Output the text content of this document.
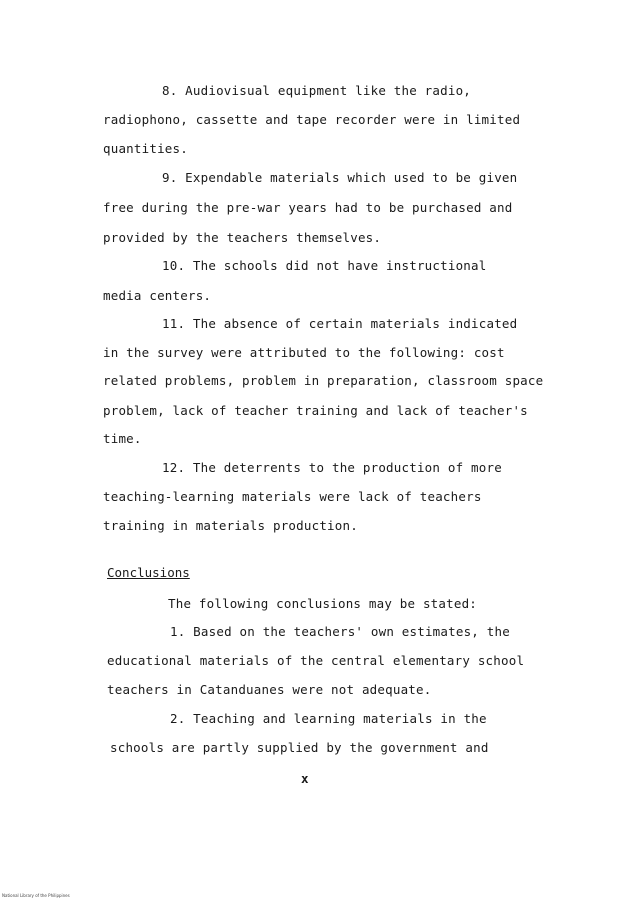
8. Audiovisual equipment like the radio,
radiophono, cassette and tape recorder were in limited
quantities.
9. Expendable materials which used to be given
free during the pre-war years had to be purchased and
provided by the teachers themselves.
10. The schools did not have instructional
media centers.
11. The absence of certain materials indicated
in the survey were attributed to the following: cost
related problems, problem in preparation, classroom space
problem, lack of teacher training and lack of teacher's
time.
12. The deterrents to the production of more
teaching-learning materials were lack of teachers
training in materials production.
Conclusions
The following conclusions may be stated:
1. Based on the teachers' own estimates, the
educational materials of the central elementary school
teachers in Catanduanes were not adequate.
2. Teaching and learning materials in the
schools are partly supplied by the government and
x
National Library of the Philippines
